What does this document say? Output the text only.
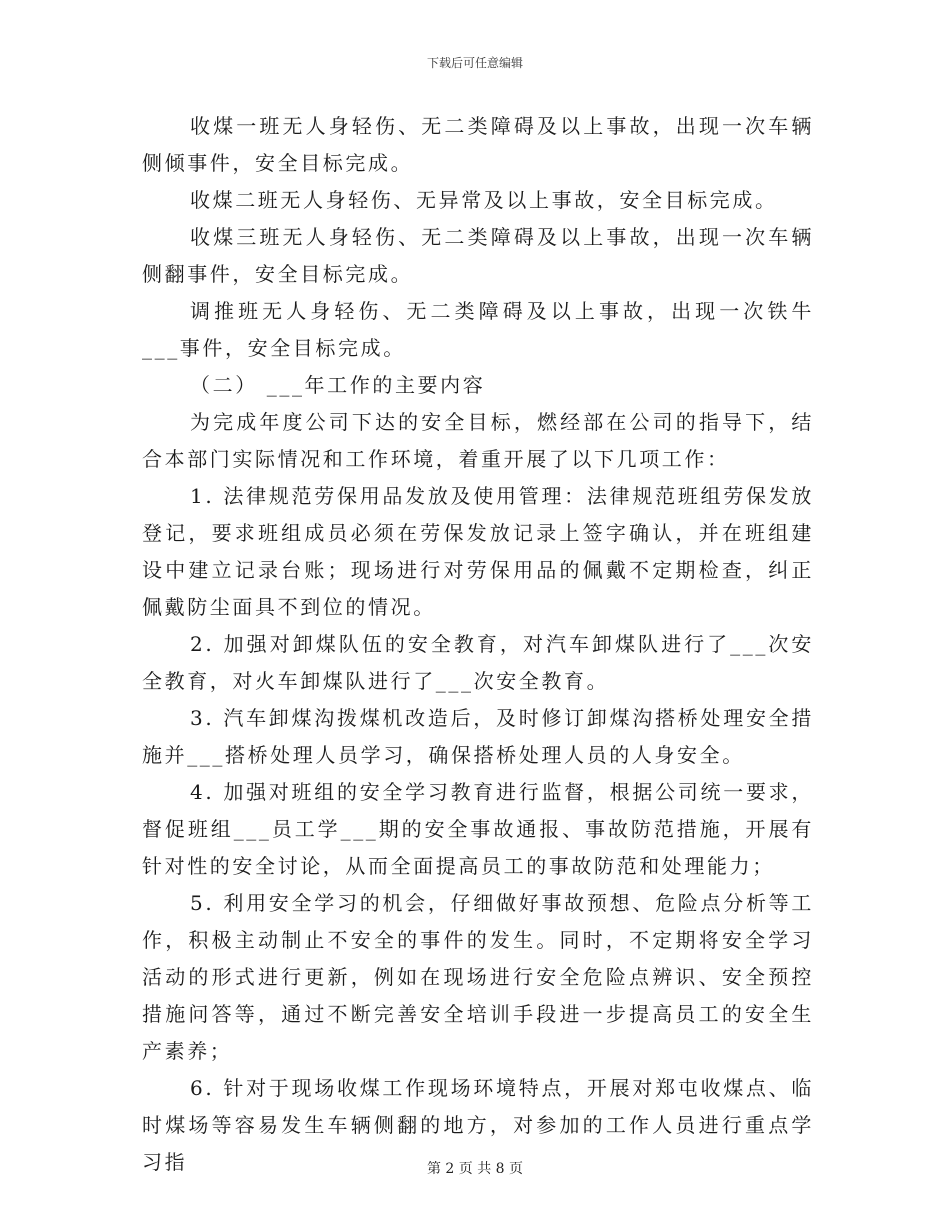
下载后可任意编辑

收煤一班无人身轻伤、无二类障碍及以上事故，出现一次车辆侧倾事件，安全目标完成。

收煤二班无人身轻伤、无异常及以上事故，安全目标完成。

收煤三班无人身轻伤、无二类障碍及以上事故，出现一次车辆侧翻事件，安全目标完成。

调推班无人身轻伤、无二类障碍及以上事故，出现一次铁牛___事件，安全目标完成。

（二） ___年工作的主要内容

为完成年度公司下达的安全目标，燃经部在公司的指导下，结合本部门实际情况和工作环境，着重开展了以下几项工作：

1. 法律规范劳保用品发放及使用管理：法律规范班组劳保发放登记，要求班组成员必须在劳保发放记录上签字确认，并在班组建设中建立记录台账；现场进行对劳保用品的佩戴不定期检查，纠正佩戴防尘面具不到位的情况。

2. 加强对卸煤队伍的安全教育，对汽车卸煤队进行了___次安全教育，对火车卸煤队进行了___次安全教育。

3. 汽车卸煤沟拨煤机改造后，及时修订卸煤沟搭桥处理安全措施并___搭桥处理人员学习，确保搭桥处理人员的人身安全。

4. 加强对班组的安全学习教育进行监督，根据公司统一要求，督促班组___员工学___期的安全事故通报、事故防范措施，开展有针对性的安全讨论，从而全面提高员工的事故防范和处理能力；

5. 利用安全学习的机会，仔细做好事故预想、危险点分析等工作，积极主动制止不安全的事件的发生。同时，不定期将安全学习活动的形式进行更新，例如在现场进行安全危险点辨识、安全预控措施问答等，通过不断完善安全培训手段进一步提高员工的安全生产素养；

6. 针对于现场收煤工作现场环境特点，开展对郑屯收煤点、临时煤场等容易发生车辆侧翻的地方，对参加的工作人员进行重点学习指	第 2 页 共 8 页
